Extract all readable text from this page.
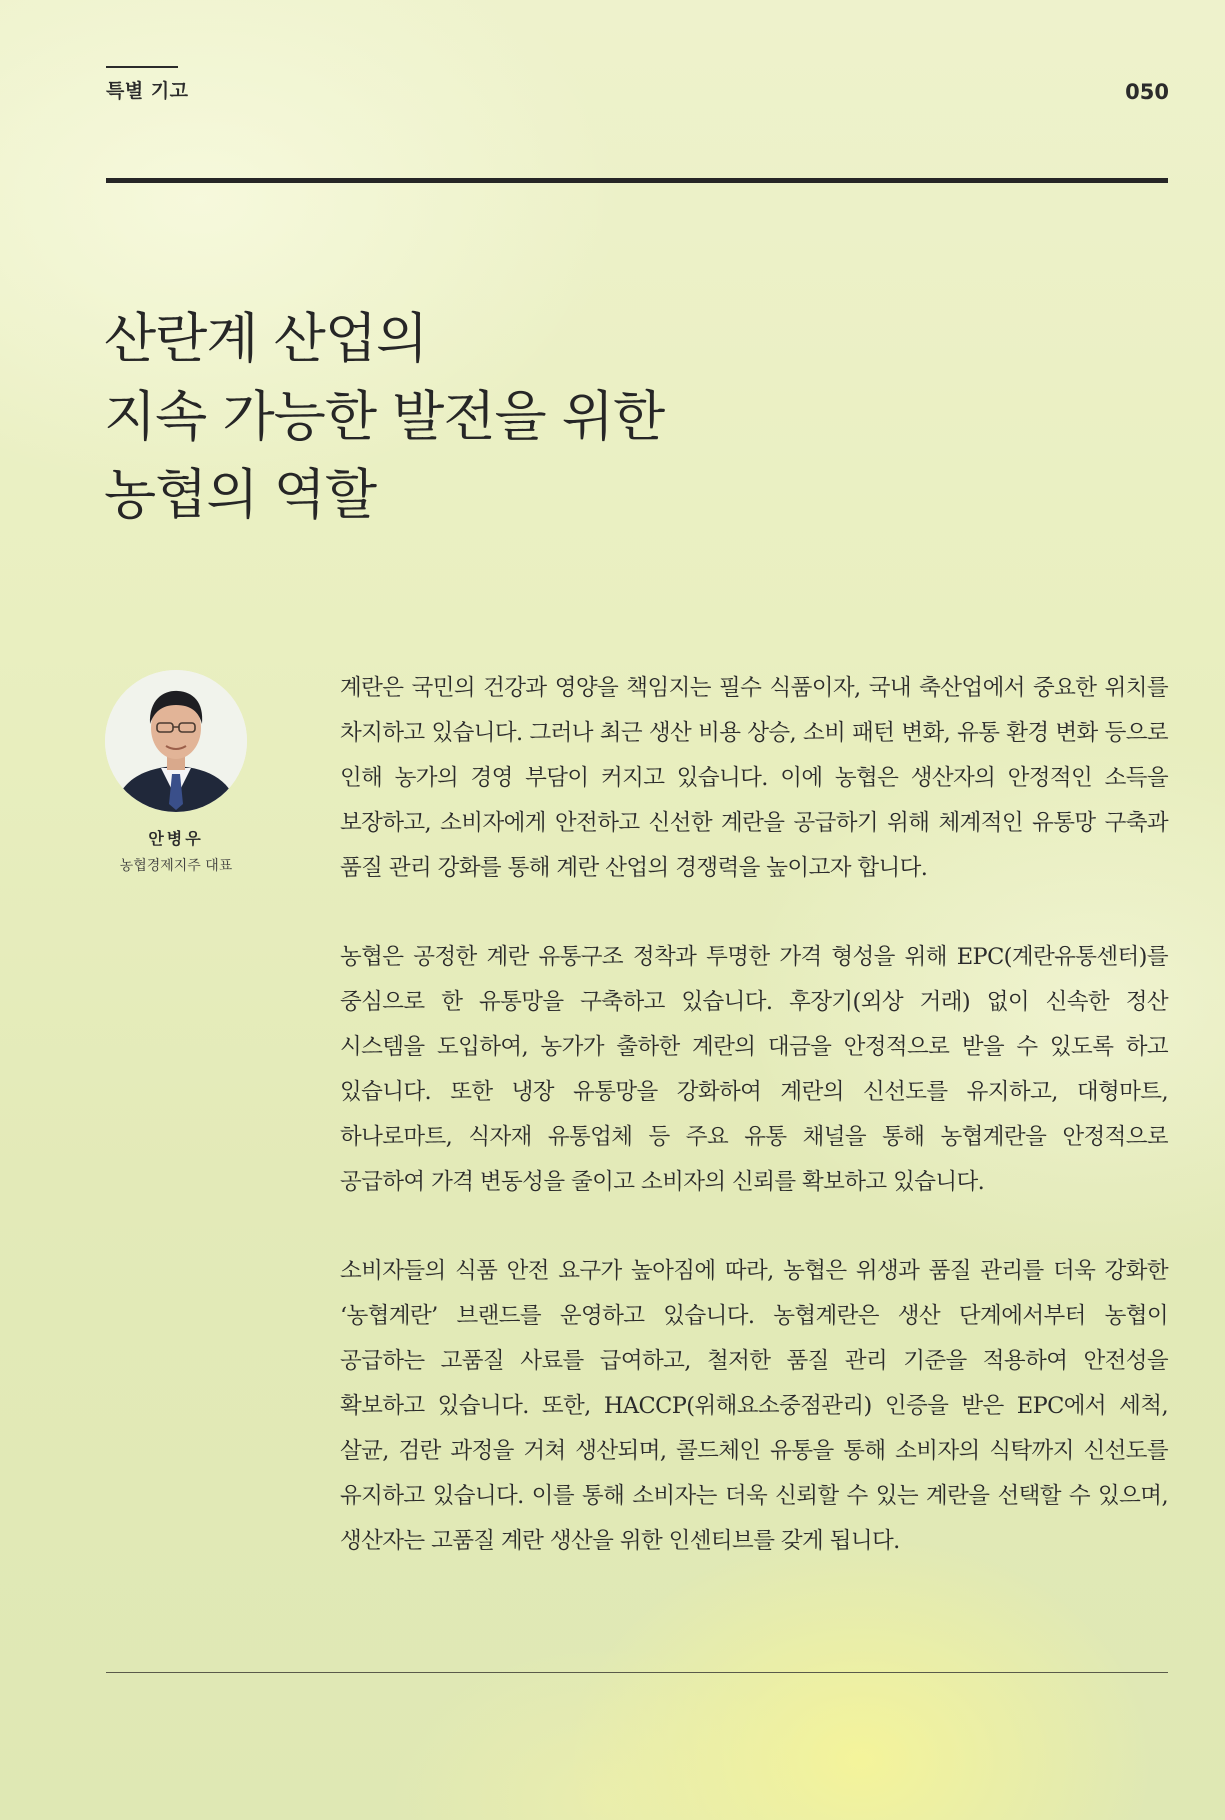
특별 기고	050
산란계 산업의
지속 가능한 발전을 위한
농협의 역할
안병우
농협경제지주 대표

계란은 국민의 건강과 영양을 책임지는 필수 식품이자, 국내 축산업에서 중요한 위치를 차지하고 있습니다. 그러나 최근 생산 비용 상승, 소비 패턴 변화, 유통 환경 변화 등으로 인해 농가의 경영 부담이 커지고 있습니다. 이에 농협은 생산자의 안정적인 소득을 보장하고, 소비자에게 안전하고 신선한 계란을 공급하기 위해 체계적인 유통망 구축과 품질 관리 강화를 통해 계란 산업의 경쟁력을 높이고자 합니다.

농협은 공정한 계란 유통구조 정착과 투명한 가격 형성을 위해 EPC(계란유통센터)를 중심으로 한 유통망을 구축하고 있습니다. 후장기(외상 거래) 없이 신속한 정산 시스템을 도입하여, 농가가 출하한 계란의 대금을 안정적으로 받을 수 있도록 하고 있습니다. 또한 냉장 유통망을 강화하여 계란의 신선도를 유지하고, 대형마트, 하나로마트, 식자재 유통업체 등 주요 유통 채널을 통해 농협계란을 안정적으로 공급하여 가격 변동성을 줄이고 소비자의 신뢰를 확보하고 있습니다.

소비자들의 식품 안전 요구가 높아짐에 따라, 농협은 위생과 품질 관리를 더욱 강화한 ‘농협계란’ 브랜드를 운영하고 있습니다. 농협계란은 생산 단계에서부터 농협이 공급하는 고품질 사료를 급여하고, 철저한 품질 관리 기준을 적용하여 안전성을 확보하고 있습니다. 또한, HACCP(위해요소중점관리) 인증을 받은 EPC에서 세척, 살균, 검란 과정을 거쳐 생산되며, 콜드체인 유통을 통해 소비자의 식탁까지 신선도를 유지하고 있습니다. 이를 통해 소비자는 더욱 신뢰할 수 있는 계란을 선택할 수 있으며, 생산자는 고품질 계란 생산을 위한 인센티브를 갖게 됩니다.
